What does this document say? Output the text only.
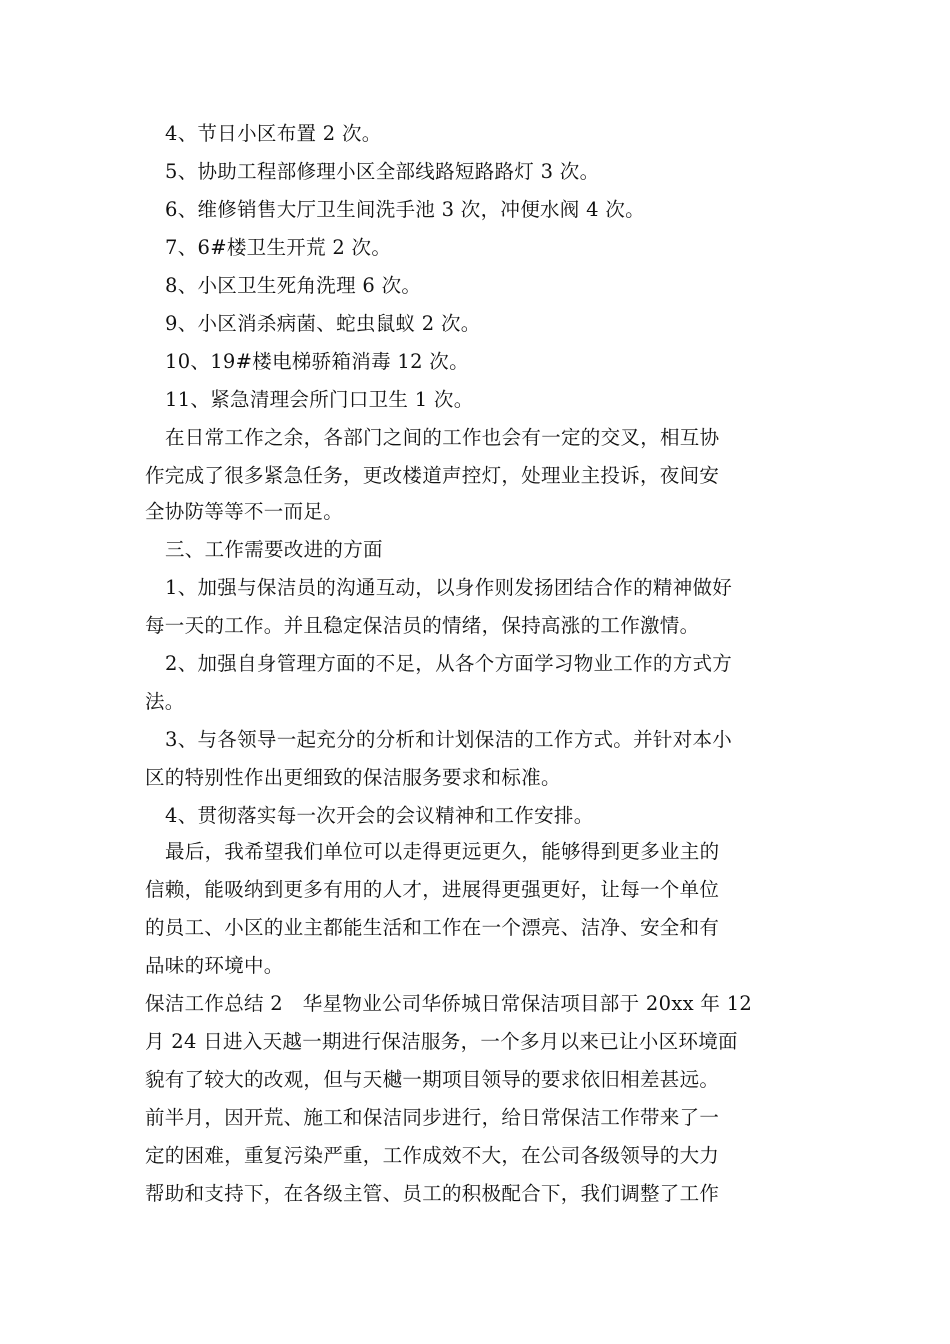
4、节日小区布置 2 次。
5、协助工程部修理小区全部线路短路路灯 3 次。
6、维修销售大厅卫生间洗手池 3 次，冲便水阀 4 次。
7、6#楼卫生开荒 2 次。
8、小区卫生死角洗理 6 次。
9、小区消杀病菌、蛇虫鼠蚁 2 次。
10、19#楼电梯骄箱消毒 12 次。
11、紧急清理会所门口卫生 1 次。
在日常工作之余，各部门之间的工作也会有一定的交叉，相互协
作完成了很多紧急任务，更改楼道声控灯，处理业主投诉，夜间安
全协防等等不一而足。
三、工作需要改进的方面
1、加强与保洁员的沟通互动，以身作则发扬团结合作的精神做好
每一天的工作。并且稳定保洁员的情绪，保持高涨的工作激情。
2、加强自身管理方面的不足，从各个方面学习物业工作的方式方
法。
3、与各领导一起充分的分析和计划保洁的工作方式。并针对本小
区的特别性作出更细致的保洁服务要求和标准。
4、贯彻落实每一次开会的会议精神和工作安排。
最后，我希望我们单位可以走得更远更久，能够得到更多业主的
信赖，能吸纳到更多有用的人才，进展得更强更好，让每一个单位
的员工、小区的业主都能生活和工作在一个漂亮、洁净、安全和有
品味的环境中。
保洁工作总结 2　华星物业公司华侨城日常保洁项目部于 20xx 年 12
月 24 日进入天越一期进行保洁服务，一个多月以来已让小区环境面
貌有了较大的改观，但与天樾一期项目领导的要求依旧相差甚远。
前半月，因开荒、施工和保洁同步进行，给日常保洁工作带来了一
定的困难，重复污染严重，工作成效不大，在公司各级领导的大力
帮助和支持下，在各级主管、员工的积极配合下，我们调整了工作
